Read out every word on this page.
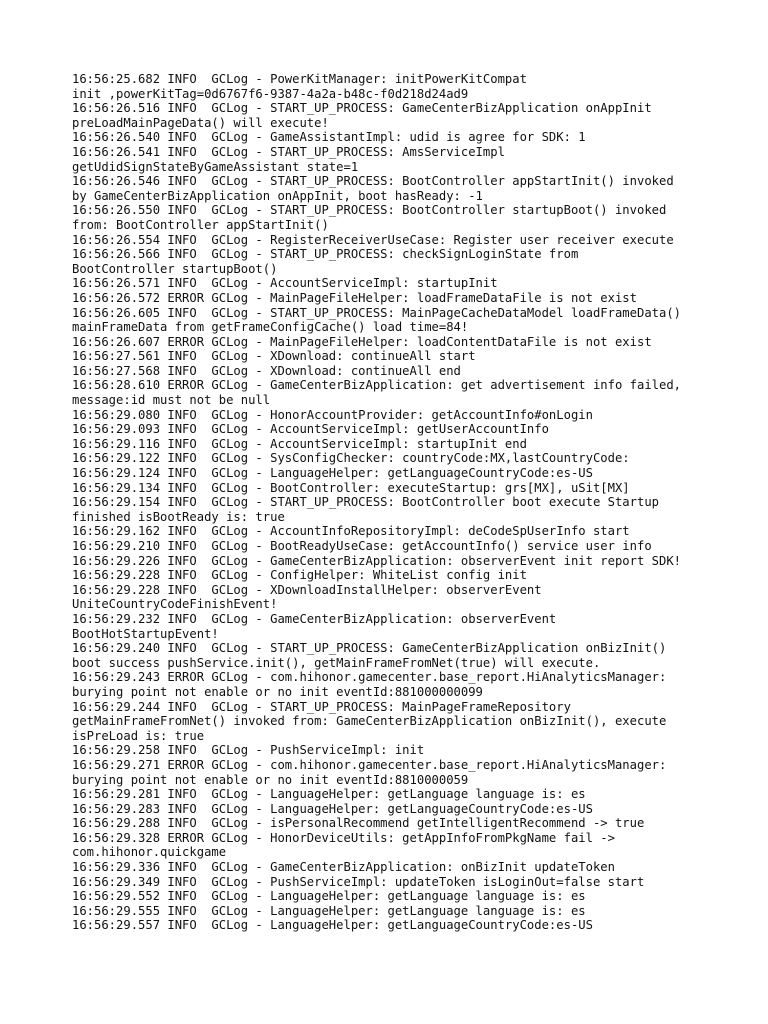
16:56:25.682 INFO  GCLog - PowerKitManager: initPowerKitCompat
init ,powerKitTag=0d6767f6-9387-4a2a-b48c-f0d218d24ad9
16:56:26.516 INFO  GCLog - START_UP_PROCESS: GameCenterBizApplication onAppInit
preLoadMainPageData() will execute!
16:56:26.540 INFO  GCLog - GameAssistantImpl: udid is agree for SDK: 1
16:56:26.541 INFO  GCLog - START_UP_PROCESS: AmsServiceImpl
getUdidSignStateByGameAssistant state=1
16:56:26.546 INFO  GCLog - START_UP_PROCESS: BootController appStartInit() invoked
by GameCenterBizApplication onAppInit, boot hasReady: -1
16:56:26.550 INFO  GCLog - START_UP_PROCESS: BootController startupBoot() invoked
from: BootController appStartInit()
16:56:26.554 INFO  GCLog - RegisterReceiverUseCase: Register user receiver execute
16:56:26.566 INFO  GCLog - START_UP_PROCESS: checkSignLoginState from
BootController startupBoot()
16:56:26.571 INFO  GCLog - AccountServiceImpl: startupInit
16:56:26.572 ERROR GCLog - MainPageFileHelper: loadFrameDataFile is not exist
16:56:26.605 INFO  GCLog - START_UP_PROCESS: MainPageCacheDataModel loadFrameData()
mainFrameData from getFrameConfigCache() load time=84!
16:56:26.607 ERROR GCLog - MainPageFileHelper: loadContentDataFile is not exist
16:56:27.561 INFO  GCLog - XDownload: continueAll start
16:56:27.568 INFO  GCLog - XDownload: continueAll end
16:56:28.610 ERROR GCLog - GameCenterBizApplication: get advertisement info failed,
message:id must not be null
16:56:29.080 INFO  GCLog - HonorAccountProvider: getAccountInfo#onLogin
16:56:29.093 INFO  GCLog - AccountServiceImpl: getUserAccountInfo
16:56:29.116 INFO  GCLog - AccountServiceImpl: startupInit end
16:56:29.122 INFO  GCLog - SysConfigChecker: countryCode:MX,lastCountryCode:
16:56:29.124 INFO  GCLog - LanguageHelper: getLanguageCountryCode:es-US
16:56:29.134 INFO  GCLog - BootController: executeStartup: grs[MX], uSit[MX]
16:56:29.154 INFO  GCLog - START_UP_PROCESS: BootController boot execute Startup
finished isBootReady is: true
16:56:29.162 INFO  GCLog - AccountInfoRepositoryImpl: deCodeSpUserInfo start
16:56:29.210 INFO  GCLog - BootReadyUseCase: getAccountInfo() service user info
16:56:29.226 INFO  GCLog - GameCenterBizApplication: observerEvent init report SDK!
16:56:29.228 INFO  GCLog - ConfigHelper: WhiteList config init
16:56:29.228 INFO  GCLog - XDownloadInstallHelper: observerEvent
UniteCountryCodeFinishEvent!
16:56:29.232 INFO  GCLog - GameCenterBizApplication: observerEvent
BootHotStartupEvent!
16:56:29.240 INFO  GCLog - START_UP_PROCESS: GameCenterBizApplication onBizInit()
boot success pushService.init(), getMainFrameFromNet(true) will execute.
16:56:29.243 ERROR GCLog - com.hihonor.gamecenter.base_report.HiAnalyticsManager:
burying point not enable or no init eventId:881000000099
16:56:29.244 INFO  GCLog - START_UP_PROCESS: MainPageFrameRepository
getMainFrameFromNet() invoked from: GameCenterBizApplication onBizInit(), execute
isPreLoad is: true
16:56:29.258 INFO  GCLog - PushServiceImpl: init
16:56:29.271 ERROR GCLog - com.hihonor.gamecenter.base_report.HiAnalyticsManager:
burying point not enable or no init eventId:8810000059
16:56:29.281 INFO  GCLog - LanguageHelper: getLanguage language is: es
16:56:29.283 INFO  GCLog - LanguageHelper: getLanguageCountryCode:es-US
16:56:29.288 INFO  GCLog - isPersonalRecommend getIntelligentRecommend -> true
16:56:29.328 ERROR GCLog - HonorDeviceUtils: getAppInfoFromPkgName fail ->
com.hihonor.quickgame
16:56:29.336 INFO  GCLog - GameCenterBizApplication: onBizInit updateToken
16:56:29.349 INFO  GCLog - PushServiceImpl: updateToken isLoginOut=false start
16:56:29.552 INFO  GCLog - LanguageHelper: getLanguage language is: es
16:56:29.555 INFO  GCLog - LanguageHelper: getLanguage language is: es
16:56:29.557 INFO  GCLog - LanguageHelper: getLanguageCountryCode:es-US
